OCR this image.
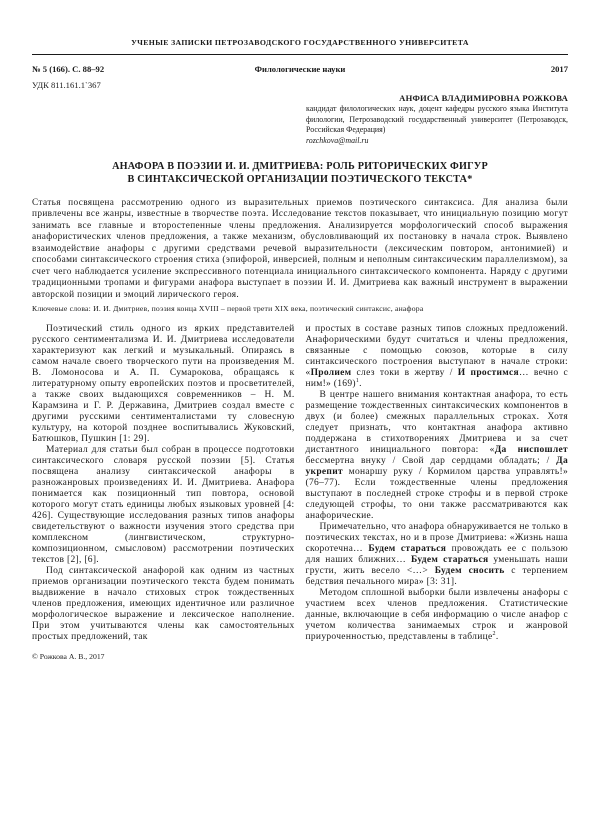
УЧЕНЫЕ ЗАПИСКИ ПЕТРОЗАВОДСКОГО ГОСУДАРСТВЕННОГО УНИВЕРСИТЕТА
№ 5 (166). С. 88–92	Филологические науки	2017
УДК 811.161.1`367
АНФИСА ВЛАДИМИРОВНА РОЖКОВА
кандидат филологических наук, доцент кафедры русского языка Института филологии, Петрозаводский государственный университет (Петрозаводск, Российская Федерация)
rozchkova@mail.ru
АНАФОРА В ПОЭЗИИ И. И. ДМИТРИЕВА: РОЛЬ РИТОРИЧЕСКИХ ФИГУР
В СИНТАКСИЧЕСКОЙ ОРГАНИЗАЦИИ ПОЭТИЧЕСКОГО ТЕКСТА*
Статья посвящена рассмотрению одного из выразительных приемов поэтического синтаксиса. Для анализа были привлечены все жанры, известные в творчестве поэта. Исследование текстов показывает, что инициальную позицию могут занимать все главные и второстепенные члены предложения. Анализируется морфологический способ выражения анафористических членов предложения, а также механизм, обусловливающий их постановку в начала строк. Выявлено взаимодействие анафоры с другими средствами речевой выразительности (лексическим повтором, антонимией) и способами синтаксического строения стиха (эпифорой, инверсией, полным и неполным синтаксическим параллелизмом), за счет чего наблюдается усиление экспрессивного потенциала инициального синтаксического компонента. Наряду с другими традиционными тропами и фигурами анафора выступает в поэзии И. И. Дмитриева как важный инструмент в выражении авторской позиции и эмоций лирического героя.
Ключевые слова: И. И. Дмитриев, поэзия конца XVIII – первой трети XIX века, поэтический синтаксис, анафора

Поэтический стиль одного из ярких представителей русского сентиментализма И. И. Дмитриева исследователи характеризуют как легкий и музыкальный. Опираясь в самом начале своего творческого пути на произведения М. В. Ломоносова и А. П. Сумарокова, обращаясь к литературному опыту европейских поэтов и просветителей, а также своих выдающихся современников – Н. М. Карамзина и Г. Р. Державина, Дмитриев создал вместе с другими русскими сентименталистами ту словесную культуру, на которой позднее воспитывались Жуковский, Батюшков, Пушкин [1: 29].

Материал для статьи был собран в процессе подготовки синтаксического словаря русской поэзии [5]. Статья посвящена анализу синтаксической анафоры в разножанровых произведениях И. И. Дмитриева. Анафора понимается как позиционный тип повтора, основой которого могут стать единицы любых языковых уровней [4: 426]. Существующие исследования разных типов анафоры свидетельствуют о важности изучения этого средства при комплексном (лингвистическом, структурно-композиционном, смысловом) рассмотрении поэтических текстов [2], [6].

Под синтаксической анафорой как одним из частных приемов организации поэтического текста будем понимать выдвижение в начало стиховых строк тождественных членов предложения, имеющих идентичное или различное морфологическое выражение и лексическое наполнение. При этом учитываются члены как самостоятельных простых предложений, так

© Рожкова А. В., 2017

и простых в составе разных типов сложных предложений. Анафорическими будут считаться и члены предложения, связанные с помощью союзов, которые в силу синтаксического построения выступают в начале строки: «Пролием слез токи в жертву / И простимся… вечно с ним!» $(169)^1$.

В центре нашего внимания контактная анафора, то есть размещение тождественных синтаксических компонентов в двух (и более) смежных параллельных строках. Хотя следует признать, что контактная анафора активно поддержана в стихотворениях Дмитриева и за счет дистантного инициального повтора: «Да ниспошлет бессмертна внуку / Свой дар сердцами обладать; / Да укрепит монаршу руку / Кормилом царства управлять!» (76–77). Если тождественные члены предложения выступают в последней строке строфы и в первой строке следующей строфы, то они также рассматриваются как анафорические.

Примечательно, что анафора обнаруживается не только в поэтических текстах, но и в прозе Дмитриева: «Жизнь наша скоротечна… Будем стараться провождать ее с пользою для наших ближних… Будем стараться уменьшать наши грусти, жить весело <…> Будем сносить с терпением бедствия печального мира» [3: 31].

Методом сплошной выборки были извлечены анафоры с участием всех членов предложения. Статистические данные, включающие в себя информацию о числе анафор с учетом количества занимаемых строк и жанровой приуроченностью, представлены в таблице$^2$.
